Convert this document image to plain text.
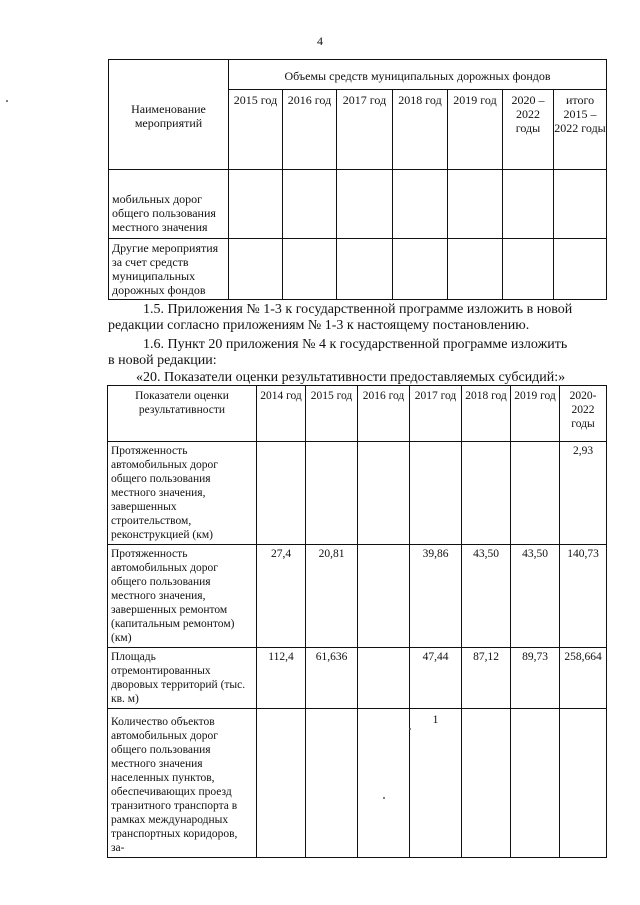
4
Наименование мероприятий	Объемы средств муниципальных дорожных фондов						
	2015 год	2016 год	2017 год	2018 год	2019 год	2020 – 2022 годы	итого 2015 – 2022 годы
мобильных дорог общего пользования местного значения							
Другие мероприятия за счет средств муниципальных дорожных фондов							

1.5. Приложения № 1-3 к государственной программе изложить в новой

редакции согласно приложениям № 1-3 к настоящему постановлению.

1.6. Пункт 20 приложения № 4 к государственной программе изложить

в новой редакции:

«20. Показатели оценки результативности предоставляемых субсидий:»

Показатели оценки результативности	2014 год	2015 год	2016 год	2017 год	2018 год	2019 год	2020-2022 годы
Протяженность автомобильных дорог общего пользования местного значения, завершенных строительством, реконструкцией (км)							2,93
Протяженность автомобильных дорог общего пользования местного значения, завершенных ремонтом (капитальным ремонтом) (км)	27,4	20,81		39,86	43,50	43,50	140,73
Площадь отремонтированных дворовых территорий (тыс. кв. м)	112,4	61,636		47,44	87,12	89,73	258,664
Количество объектов автомобильных дорог общего пользования местного значения населенных пунктов, обеспечивающих проезд транзитного транспорта в рамках международных транспортных коридоров, за-				1			
